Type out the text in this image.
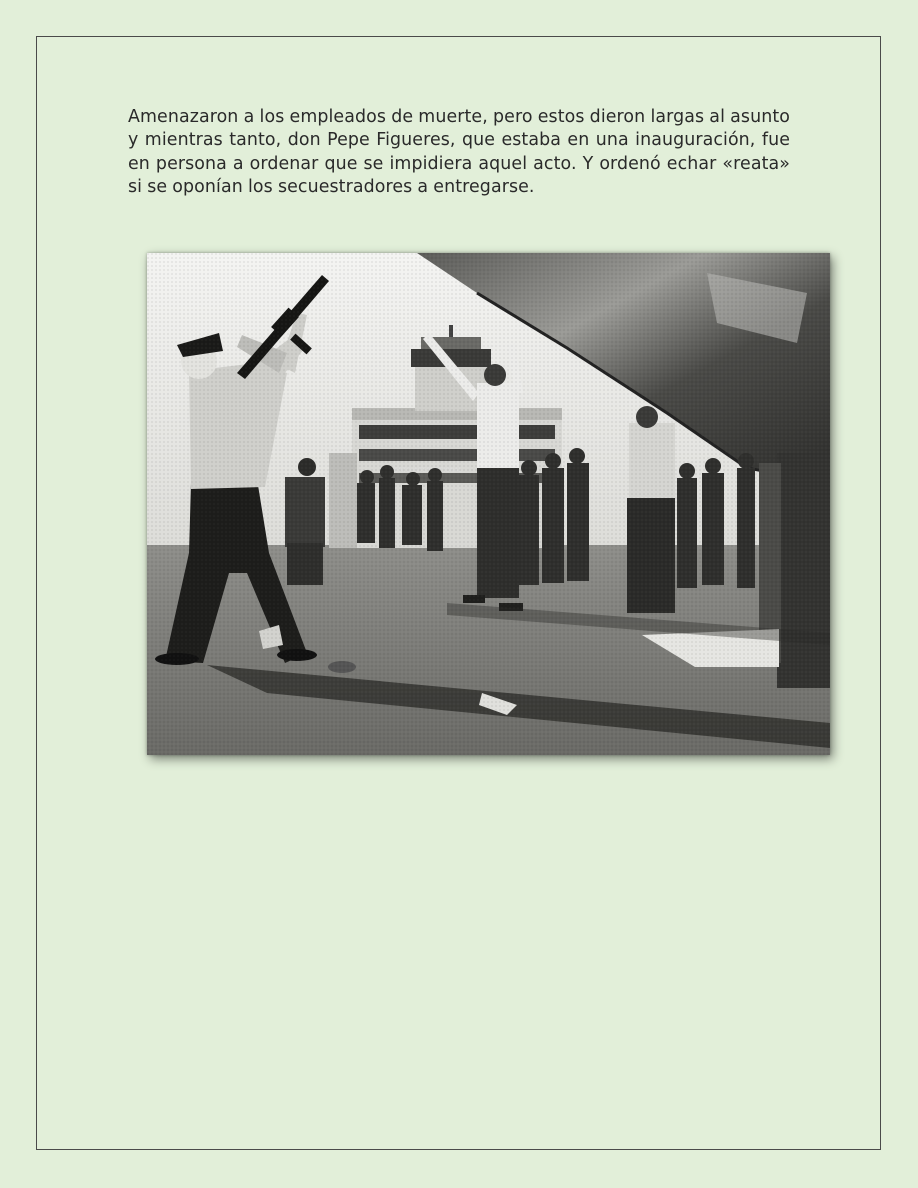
Amenazaron a los empleados de muerte, pero estos dieron largas al asunto y mientras tanto, don Pepe Figueres, que estaba en una inauguración, fue en persona a ordenar que se impidiera aquel acto. Y ordenó echar «reata» si se oponían los secuestradores a entregarse.
